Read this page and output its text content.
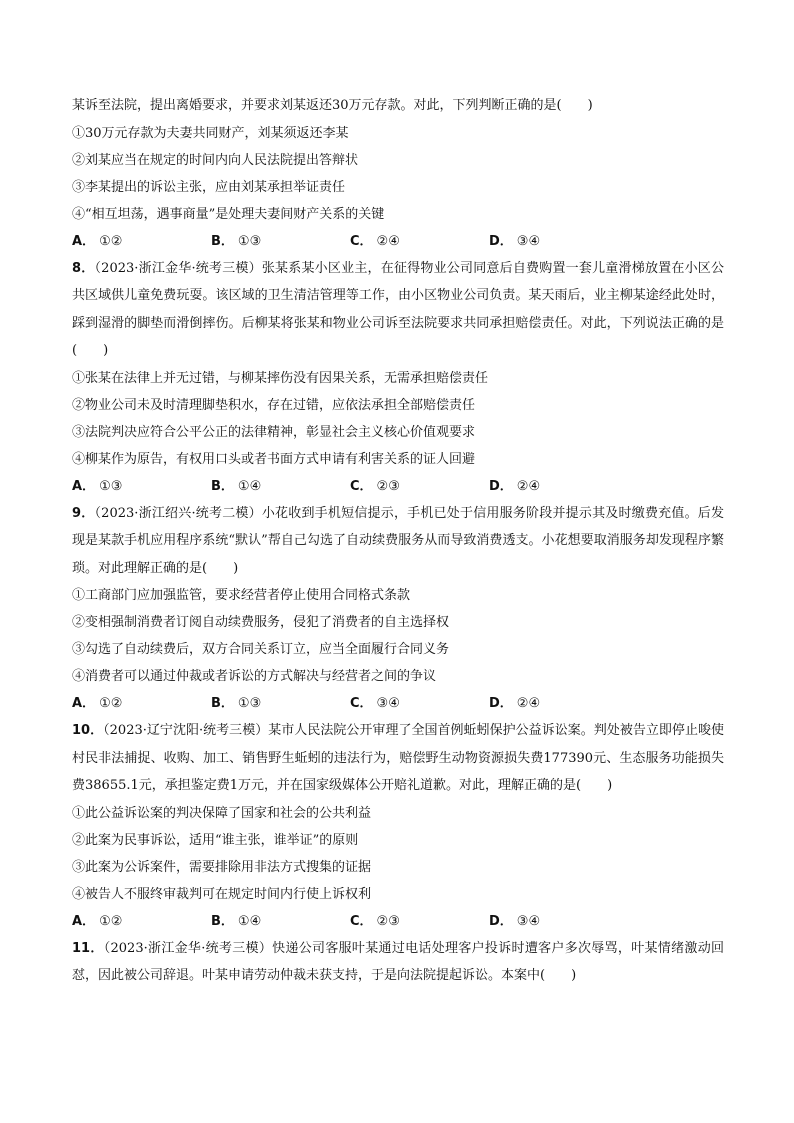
某诉至法院，提出离婚要求，并要求刘某返还30万元存款。对此，下列判断正确的是(　　)
①30万元存款为夫妻共同财产，刘某须返还李某
②刘某应当在规定的时间内向人民法院提出答辩状
③李某提出的诉讼主张，应由刘某承担举证责任
④“相互坦荡，遇事商量”是处理夫妻间财产关系的关键
A． ①②	B． ①③	C． ②④	D． ③④
8．（2023·浙江金华·统考三模）张某系某小区业主，在征得物业公司同意后自费购置一套儿童滑梯放置在小区公共区域供儿童免费玩耍。该区域的卫生清洁管理等工作，由小区物业公司负责。某天雨后，业主柳某途经此处时，踩到湿滑的脚垫而滑倒摔伤。后柳某将张某和物业公司诉至法院要求共同承担赔偿责任。对此，下列说法正确的是(　　)
①张某在法律上并无过错，与柳某摔伤没有因果关系，无需承担赔偿责任
②物业公司未及时清理脚垫积水，存在过错，应依法承担全部赔偿责任
③法院判决应符合公平公正的法律精神，彰显社会主义核心价值观要求
④柳某作为原告，有权用口头或者书面方式申请有利害关系的证人回避
A． ①③	B． ①④	C． ②③	D． ②④
9．（2023·浙江绍兴·统考二模）小花收到手机短信提示，手机已处于信用服务阶段并提示其及时缴费充值。后发现是某款手机应用程序系统“默认”帮自己勾选了自动续费服务从而导致消费透支。小花想要取消服务却发现程序繁琐。对此理解正确的是(　　)
①工商部门应加强监管，要求经营者停止使用合同格式条款
②变相强制消费者订阅自动续费服务，侵犯了消费者的自主选择权
③勾选了自动续费后，双方合同关系订立，应当全面履行合同义务
④消费者可以通过仲裁或者诉讼的方式解决与经营者之间的争议
A． ①②	B． ①③	C． ③④	D． ②④
10．（2023·辽宁沈阳·统考三模）某市人民法院公开审理了全国首例蚯蚓保护公益诉讼案。判处被告立即停止唆使村民非法捕捉、收购、加工、销售野生蚯蚓的违法行为，赔偿野生动物资源损失费177390元、生态服务功能损失费38655.1元，承担鉴定费1万元，并在国家级媒体公开赔礼道歉。对此，理解正确的是(　　)
①此公益诉讼案的判决保障了国家和社会的公共利益
②此案为民事诉讼，适用“谁主张，谁举证”的原则
③此案为公诉案件，需要排除用非法方式搜集的证据
④被告人不服终审裁判可在规定时间内行使上诉权利
A． ①②	B． ①④	C． ②③	D． ③④
11．（2023·浙江金华·统考三模）快递公司客服叶某通过电话处理客户投诉时遭客户多次辱骂，叶某情绪激动回怼，因此被公司辞退。叶某申请劳动仲裁未获支持，于是向法院提起诉讼。本案中(　　)
